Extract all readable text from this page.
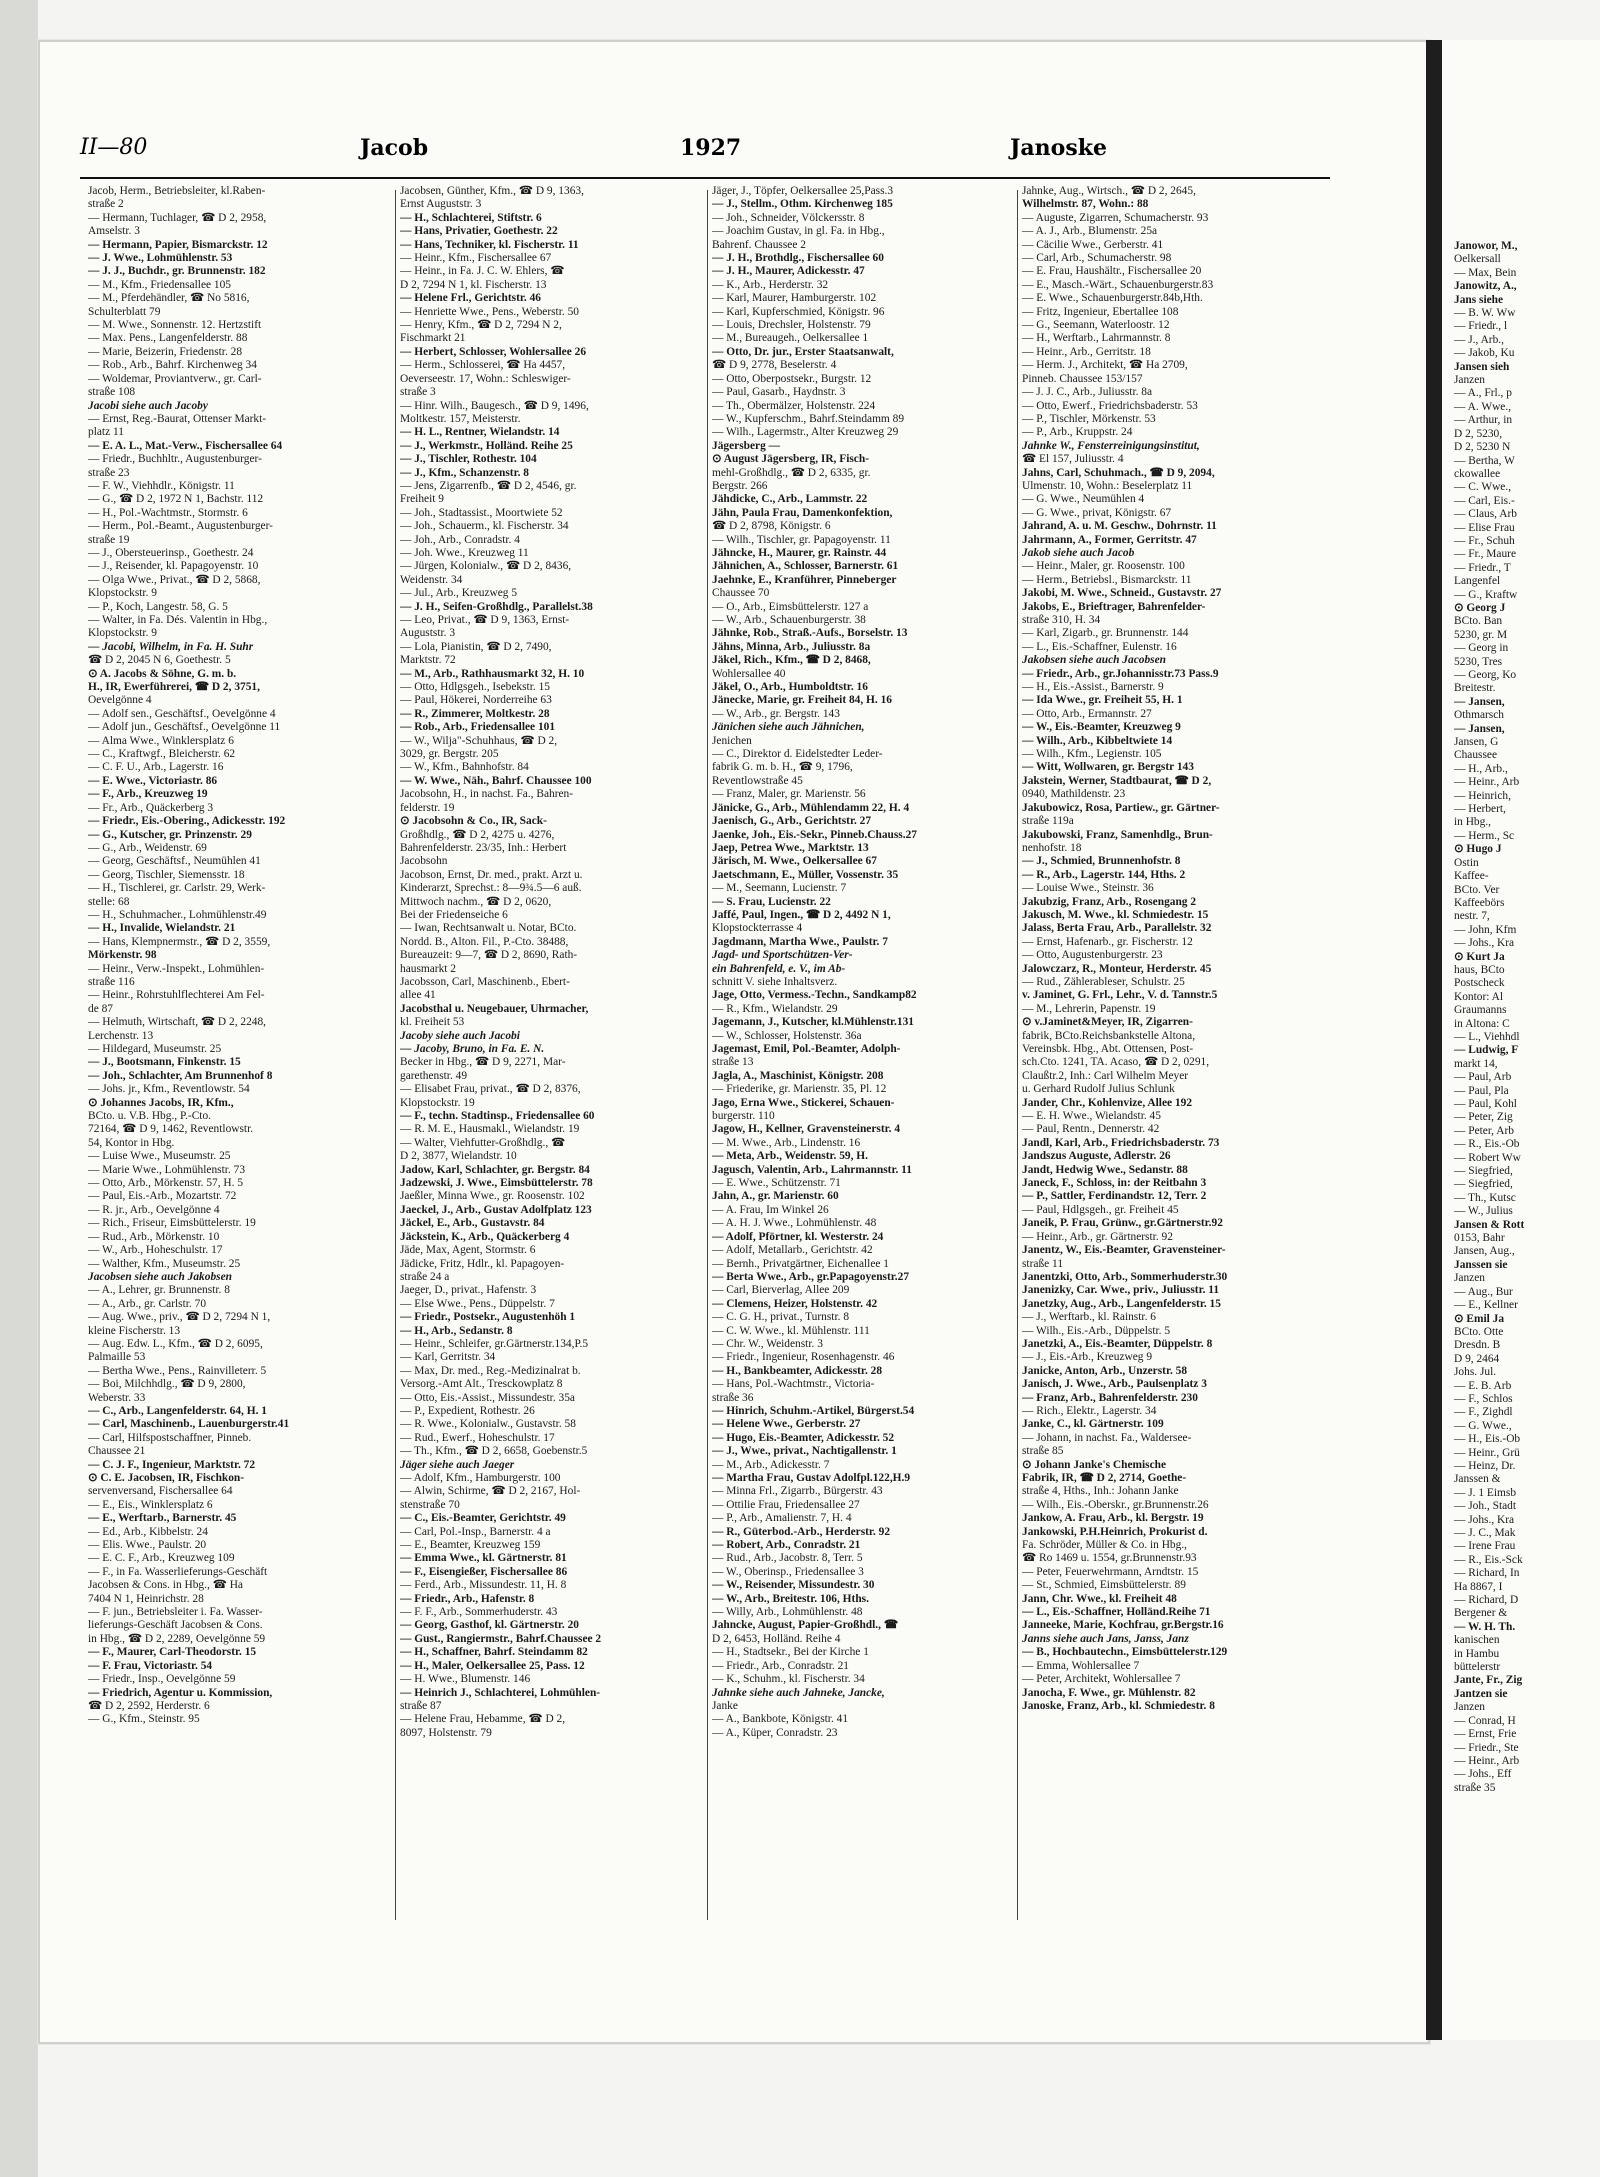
II—80	Jacob	1927	Janoske
Jacob, Herm., Betriebsleiter, kl.Raben-
straße 2
— Hermann, Tuchlager, ☎ D 2, 2958,
Amselstr. 3
— Hermann, Papier, Bismarckstr. 12
— J. Wwe., Lohmühlenstr. 53
— J. J., Buchdr., gr. Brunnenstr. 182
— M., Kfm., Friedensallee 105
— M., Pferdehändler, ☎ No 5816,
Schulterblatt 79
— M. Wwe., Sonnenstr. 12. Hertzstift
— Max. Pens., Langenfelderstr. 88
— Marie, Beizerin, Friedenstr. 28
— Rob., Arb., Bahrf. Kirchenweg 34
— Woldemar, Proviantverw., gr. Carl-
straße 108
Jacobi siehe auch Jacoby
— Ernst, Reg.-Baurat, Ottenser Markt-
platz 11
— E. A. L., Mat.-Verw., Fischersallee 64
— Friedr., Buchhltr., Augustenburger-
straße 23
— F. W., Viehhdlr., Königstr. 11
— G., ☎ D 2, 1972 N 1, Bachstr. 112
— H., Pol.-Wachtmstr., Stormstr. 6
— Herm., Pol.-Beamt., Augustenburger-
straße 19
— J., Obersteuerinsp., Goethestr. 24
— J., Reisender, kl. Papagoyenstr. 10
— Olga Wwe., Privat., ☎ D 2, 5868,
Klopstockstr. 9
— P., Koch, Langestr. 58, G. 5
— Walter, in Fa. Dés. Valentin in Hbg.,
Klopstockstr. 9
— Jacobi, Wilhelm, in Fa. H. Suhr
☎ D 2, 2045 N 6, Goethestr. 5
⊙ A. Jacobs & Söhne, G. m. b.
H., IR, Ewerführerei, ☎ D 2, 3751,
Oevelgönne 4
— Adolf sen., Geschäftsf., Oevelgönne 4
— Adolf jun., Geschäftsf., Oevelgönne 11
— Alma Wwe., Winklersplatz 6
— C., Kraftwgf., Bleicherstr. 62
— C. F. U., Arb., Lagerstr. 16
— E. Wwe., Victoriastr. 86
— F., Arb., Kreuzweg 19
— Fr., Arb., Quäckerberg 3
— Friedr., Eis.-Obering., Adickesstr. 192
— G., Kutscher, gr. Prinzenstr. 29
— G., Arb., Weidenstr. 69
— Georg, Geschäftsf., Neumühlen 41
— Georg, Tischler, Siemensstr. 18
— H., Tischlerei, gr. Carlstr. 29, Werk-
stelle: 68
— H., Schuhmacher., Lohmühlenstr.49
— H., Invalide, Wielandstr. 21
— Hans, Klempnermstr., ☎ D 2, 3559,
Mörkenstr. 98
— Heinr., Verw.-Inspekt., Lohmühlen-
straße 116
— Heinr., Rohrstuhlflechterei Am Fel-
de 87
— Helmuth, Wirtschaft, ☎ D 2, 2248,
Lerchenstr. 13
— Hildegard, Museumstr. 25
— J., Bootsmann, Finkenstr. 15
— Joh., Schlachter, Am Brunnenhof 8
— Johs. jr., Kfm., Reventlowstr. 54
⊙ Johannes Jacobs, IR, Kfm.,
BCto. u. V.B. Hbg., P.-Cto.
72164, ☎ D 9, 1462, Reventlowstr.
54, Kontor in Hbg.
— Luise Wwe., Museumstr. 25
— Marie Wwe., Lohmühlenstr. 73
— Otto, Arb., Mörkenstr. 57, H. 5
— Paul, Eis.-Arb., Mozartstr. 72
— R. jr., Arb., Oevelgönne 4
— Rich., Friseur, Eimsbüttelerstr. 19
— Rud., Arb., Mörkenstr. 10
— W., Arb., Hoheschulstr. 17
— Walther, Kfm., Museumstr. 25
Jacobsen siehe auch Jakobsen
— A., Lehrer, gr. Brunnenstr. 8
— A., Arb., gr. Carlstr. 70
— Aug. Wwe., priv., ☎ D 2, 7294 N 1,
kleine Fischerstr. 13
— Aug. Edw. L., Kfm., ☎ D 2, 6095,
Palmaille 53
— Bertha Wwe., Pens., Rainvilleterr. 5
— Boi, Milchhdlg., ☎ D 9, 2800,
Weberstr. 33
— C., Arb., Langenfelderstr. 64, H. 1
— Carl, Maschinenb., Lauenburgerstr.41
— Carl, Hilfspostschaffner, Pinneb.
Chaussee 21
— C. J. F., Ingenieur, Marktstr. 72
⊙ C. E. Jacobsen, IR, Fischkon-
servenversand, Fischersallee 64
— E., Eis., Winklersplatz 6
— E., Werftarb., Barnerstr. 45
— Ed., Arb., Kibbelstr. 24
— Elis. Wwe., Paulstr. 20
— E. C. F., Arb., Kreuzweg 109
— F., in Fa. Wasserlieferungs-Geschäft
Jacobsen & Cons. in Hbg., ☎ Ha
7404 N 1, Heinrichstr. 28
— F. jun., Betriebsleiter i. Fa. Wasser-
lieferungs-Geschäft Jacobsen & Cons.
in Hbg., ☎ D 2, 2289, Oevelgönne 59
— F., Maurer, Carl-Theodorstr. 15
— F. Frau, Victoriastr. 54
— Friedr., Insp., Oevelgönne 59
— Friedrich, Agentur u. Kommission,
☎ D 2, 2592, Herderstr. 6
— G., Kfm., Steinstr. 95
Jacobsen, Günther, Kfm., ☎ D 9, 1363,
Ernst Auguststr. 3
— H., Schlachterei, Stiftstr. 6
— Hans, Privatier, Goethestr. 22
— Hans, Techniker, kl. Fischerstr. 11
— Heinr., Kfm., Fischersallee 67
— Heinr., in Fa. J. C. W. Ehlers, ☎
D 2, 7294 N 1, kl. Fischerstr. 13
— Helene Frl., Gerichtstr. 46
— Henriette Wwe., Pens., Weberstr. 50
— Henry, Kfm., ☎ D 2, 7294 N 2,
Fischmarkt 21
— Herbert, Schlosser, Wohlersallee 26
— Herm., Schlosserei, ☎ Ha 4457,
Oeverseestr. 17, Wohn.: Schleswiger-
straße 3
— Hinr. Wilh., Baugesch., ☎ D 9, 1496,
Moltkestr. 157, Meisterstr.
— H. L., Rentner, Wielandstr. 14
— J., Werkmstr., Holländ. Reihe 25
— J., Tischler, Rothestr. 104
— J., Kfm., Schanzenstr. 8
— Jens, Zigarrenfb., ☎ D 2, 4546, gr.
Freiheit 9
— Joh., Stadtassist., Moortwiete 52
— Joh., Schauerm., kl. Fischerstr. 34
— Joh., Arb., Conradstr. 4
— Joh. Wwe., Kreuzweg 11
— Jürgen, Kolonialw., ☎ D 2, 8436,
Weidenstr. 34
— Jul., Arb., Kreuzweg 5
— J. H., Seifen-Großhdlg., Parallelst.38
— Leo, Privat., ☎ D 9, 1363, Ernst-
Auguststr. 3
— Lola, Pianistin, ☎ D 2, 7490,
Marktstr. 72
— M., Arb., Rathhausmarkt 32, H. 10
— Otto, Hdlgsgeh., Isebekstr. 15
— Paul, Hökerei, Norderreihe 63
— R., Zimmerer, Moltkestr. 28
— Rob., Arb., Friedensallee 101
— W., Wilja"-Schuhhaus, ☎ D 2,
3029, gr. Bergstr. 205
— W., Kfm., Bahnhofstr. 84
— W. Wwe., Näh., Bahrf. Chaussee 100
Jacobsohn, H., in nachst. Fa., Bahren-
felderstr. 19
⊙ Jacobsohn & Co., IR, Sack-
Großhdlg., ☎ D 2, 4275 u. 4276,
Bahrenfelderstr. 23/35, Inh.: Herbert
Jacobsohn
Jacobson, Ernst, Dr. med., prakt. Arzt u.
Kinderarzt, Sprechst.: 8—9¾.5—6 auß.
Mittwoch nachm., ☎ D 2, 0620,
Bei der Friedenseiche 6
— Iwan, Rechtsanwalt u. Notar, BCto.
Nordd. B., Alton. Fil., P.-Cto. 38488,
Bureauzeit: 9—7, ☎ D 2, 8690, Rath-
hausmarkt 2
Jacobsson, Carl, Maschinenb., Ebert-
allee 41
Jacobsthal u. Neugebauer, Uhrmacher,
kl. Freiheit 53
Jacoby siehe auch Jacobi
— Jacoby, Bruno, in Fa. E. N.
Becker in Hbg., ☎ D 9, 2271, Mar-
garethenstr. 49
— Elisabet Frau, privat., ☎ D 2, 8376,
Klopstockstr. 19
— F., techn. Stadtinsp., Friedensallee 60
— R. M. E., Hausmakl., Wielandstr. 19
— Walter, Viehfutter-Großhdlg., ☎
D 2, 3877, Wielandstr. 10
Jadow, Karl, Schlachter, gr. Bergstr. 84
Jadzewski, J. Wwe., Eimsbüttelerstr. 78
Jaeßler, Minna Wwe., gr. Roosenstr. 102
Jaeckel, J., Arb., Gustav Adolfplatz 123
Jäckel, E., Arb., Gustavstr. 84
Jäckstein, K., Arb., Quäckerberg 4
Jäde, Max, Agent, Stormstr. 6
Jädicke, Fritz, Hdlr., kl. Papagoyen-
straße 24 a
Jaeger, D., privat., Hafenstr. 3
— Else Wwe., Pens., Düppelstr. 7
— Friedr., Postsekr., Augustenhöh 1
— H., Arb., Sedanstr. 8
— Heinr., Schleifer, gr.Gärtnerstr.134,P.5
— Karl, Gerritstr. 34
— Max, Dr. med., Reg.-Medizinalrat b.
Versorg.-Amt Alt., Tresckowplatz 8
— Otto, Eis.-Assist., Missundestr. 35a
— P., Expedient, Rothestr. 26
— R. Wwe., Kolonialw., Gustavstr. 58
— Rud., Ewerf., Hoheschulstr. 17
— Th., Kfm., ☎ D 2, 6658, Goebenstr.5
Jäger siehe auch Jaeger
— Adolf, Kfm., Hamburgerstr. 100
— Alwin, Schirme, ☎ D 2, 2167, Hol-
stenstraße 70
— C., Eis.-Beamter, Gerichtstr. 49
— Carl, Pol.-Insp., Barnerstr. 4 a
— E., Beamter, Kreuzweg 159
— Emma Wwe., kl. Gärtnerstr. 81
— F., Eisengießer, Fischersallee 86
— Ferd., Arb., Missundestr. 11, H. 8
— Friedr., Arb., Hafenstr. 8
— F. F., Arb., Sommerhuderstr. 43
— Georg, Gasthof, kl. Gärtnerstr. 20
— Gust., Rangiermstr., Bahrf.Chaussee 2
— H., Schaffner, Bahrf. Steindamm 82
— H., Maler, Oelkersallee 25, Pass. 12
— H. Wwe., Blumenstr. 146
— Heinrich J., Schlachterei, Lohmühlen-
straße 87
— Helene Frau, Hebamme, ☎ D 2,
8097, Holstenstr. 79
Jäger, J., Töpfer, Oelkersallee 25,Pass.3
— J., Stellm., Othm. Kirchenweg 185
— Joh., Schneider, Völckersstr. 8
— Joachim Gustav, in gl. Fa. in Hbg.,
Bahrenf. Chaussee 2
— J. H., Brothdlg., Fischersallee 60
— J. H., Maurer, Adickesstr. 47
— K., Arb., Herderstr. 32
— Karl, Maurer, Hamburgerstr. 102
— Karl, Kupferschmied, Königstr. 96
— Louis, Drechsler, Holstenstr. 79
— M., Bureaugeh., Oelkersallee 1
— Otto, Dr. jur., Erster Staatsanwalt,
☎ D 9, 2778, Beselerstr. 4
— Otto, Oberpostsekr., Burgstr. 12
— Paul, Gasarb., Haydnstr. 3
— Th., Obermälzer, Holstenstr. 224
— W., Kupferschm., Bahrf.Steindamm 89
— Wilh., Lagermstr., Alter Kreuzweg 29
Jägersberg —
⊙ August Jägersberg, IR, Fisch-
mehl-Großhdlg., ☎ D 2, 6335, gr.
Bergstr. 266
Jähdicke, C., Arb., Lammstr. 22
Jähn, Paula Frau, Damenkonfektion,
☎ D 2, 8798, Königstr. 6
— Wilh., Tischler, gr. Papagoyenstr. 11
Jähncke, H., Maurer, gr. Rainstr. 44
Jähnichen, A., Schlosser, Barnerstr. 61
Jaehnke, E., Kranführer, Pinneberger
Chaussee 70
— O., Arb., Eimsbüttelerstr. 127 a
— W., Arb., Schauenburgerstr. 38
Jähnke, Rob., Straß.-Aufs., Borselstr. 13
Jähns, Minna, Arb., Juliusstr. 8a
Jäkel, Rich., Kfm., ☎ D 2, 8468,
Wohlersallee 40
Jäkel, O., Arb., Humboldtstr. 16
Jänecke, Marie, gr. Freiheit 84, H. 16
— W., Arb., gr. Bergstr. 143
Jänichen siehe auch Jähnichen,
Jenichen
— C., Direktor d. Eidelstedter Leder-
fabrik G. m. b. H., ☎ 9, 1796,
Reventlowstraße 45
— Franz, Maler, gr. Marienstr. 56
Jänicke, G., Arb., Mühlendamm 22, H. 4
Jaenisch, G., Arb., Gerichtstr. 27
Jaenke, Joh., Eis.-Sekr., Pinneb.Chauss.27
Jaep, Petrea Wwe., Marktstr. 13
Järisch, M. Wwe., Oelkersallee 67
Jaetschmann, E., Müller, Vossenstr. 35
— M., Seemann, Lucienstr. 7
— S. Frau, Lucienstr. 22
Jaffé, Paul, Ingen., ☎ D 2, 4492 N 1,
Klopstockterrasse 4
Jagdmann, Martha Wwe., Paulstr. 7
Jagd- und Sportschützen-Ver-
ein Bahrenfeld, e. V., im Ab-
schnitt V. siehe Inhaltsverz.
Jage, Otto, Vermess.-Techn., Sandkamp82
— R., Kfm., Wielandstr. 29
Jagemann, J., Kutscher, kl.Mühlenstr.131
— W., Schlosser, Holstenstr. 36a
Jagemast, Emil, Pol.-Beamter, Adolph-
straße 13
Jagla, A., Maschinist, Königstr. 208
— Friederike, gr. Marienstr. 35, Pl. 12
Jago, Erna Wwe., Stickerei, Schauen-
burgerstr. 110
Jagow, H., Kellner, Gravensteinerstr. 4
— M. Wwe., Arb., Lindenstr. 16
— Meta, Arb., Weidenstr. 59, H.
Jagusch, Valentin, Arb., Lahrmannstr. 11
— E. Wwe., Schützenstr. 71
Jahn, A., gr. Marienstr. 60
— A. Frau, Im Winkel 26
— A. H. J. Wwe., Lohmühlenstr. 48
— Adolf, Pförtner, kl. Westerstr. 24
— Adolf, Metallarb., Gerichtstr. 42
— Bernh., Privatgärtner, Eichenallee 1
— Berta Wwe., Arb., gr.Papagoyenstr.27
— Carl, Bierverlag, Allee 209
— Clemens, Heizer, Holstenstr. 42
— C. G. H., privat., Turnstr. 8
— C. W. Wwe., kl. Mühlenstr. 111
— Chr. W., Weidenstr. 3
— Friedr., Ingenieur, Rosenhagenstr. 46
— H., Bankbeamter, Adickesstr. 28
— Hans, Pol.-Wachtmstr., Victoria-
straße 36
— Hinrich, Schuhm.-Artikel, Bürgerst.54
— Helene Wwe., Gerberstr. 27
— Hugo, Eis.-Beamter, Adickesstr. 52
— J., Wwe., privat., Nachtigallenstr. 1
— M., Arb., Adickesstr. 7
— Martha Frau, Gustav Adolfpl.122,H.9
— Minna Frl., Zigarrb., Bürgerstr. 43
— Ottilie Frau, Friedensallee 27
— P., Arb., Amalienstr. 7, H. 4
— R., Güterbod.-Arb., Herderstr. 92
— Robert, Arb., Conradstr. 21
— Rud., Arb., Jacobstr. 8, Terr. 5
— W., Oberinsp., Friedensallee 3
— W., Reisender, Missundestr. 30
— W., Arb., Breitestr. 106, Hths.
— Willy, Arb., Lohmühlenstr. 48
Jahncke, August, Papier-Großhdl., ☎
D 2, 6453, Holländ. Reihe 4
— H., Stadtsekr., Bei der Kirche 1
— Friedr., Arb., Conradstr. 21
— K., Schuhm., kl. Fischerstr. 34
Jahnke siehe auch Jahneke, Jancke,
Janke
— A., Bankbote, Königstr. 41
— A., Küper, Conradstr. 23
Jahnke, Aug., Wirtsch., ☎ D 2, 2645,
Wilhelmstr. 87, Wohn.: 88
— Auguste, Zigarren, Schumacherstr. 93
— A. J., Arb., Blumenstr. 25a
— Cäcilie Wwe., Gerberstr. 41
— Carl, Arb., Schumacherstr. 98
— E. Frau, Haushältr., Fischersallee 20
— E., Masch.-Wärt., Schauenburgerstr.83
— E. Wwe., Schauenburgerstr.84b,Hth.
— Fritz, Ingenieur, Ebertallee 108
— G., Seemann, Waterloostr. 12
— H., Werftarb., Lahrmannstr. 8
— Heinr., Arb., Gerritstr. 18
— Herm. J., Architekt, ☎ Ha 2709,
Pinneb. Chaussee 153/157
— J. J. C., Arb., Juliusstr. 8a
— Otto, Ewerf., Friedrichsbaderstr. 53
— P., Tischler, Mörkenstr. 53
— P., Arb., Kruppstr. 24
Jahnke W., Fensterreinigungsinstitut,
☎ El 157, Juliusstr. 4
Jahns, Carl, Schuhmach., ☎ D 9, 2094,
Ulmenstr. 10, Wohn.: Beselerplatz 11
— G. Wwe., Neumühlen 4
— G. Wwe., privat, Königstr. 67
Jahrand, A. u. M. Geschw., Dohrnstr. 11
Jahrmann, A., Former, Gerritstr. 47
Jakob siehe auch Jacob
— Heinr., Maler, gr. Roosenstr. 100
— Herm., Betriebsl., Bismarckstr. 11
Jakobi, M. Wwe., Schneid., Gustavstr. 27
Jakobs, E., Brieftrager, Bahrenfelder-
straße 310, H. 34
— Karl, Zigarb., gr. Brunnenstr. 144
— L., Eis.-Schaffner, Eulenstr. 16
Jakobsen siehe auch Jacobsen
— Friedr., Arb., gr.Johannisstr.73 Pass.9
— H., Eis.-Assist., Barnerstr. 9
— Ida Wwe., gr. Freiheit 55, H. 1
— Otto, Arb., Ermannstr. 27
— W., Eis.-Beamter, Kreuzweg 9
— Wilh., Arb., Kibbeltwiete 14
— Wilh., Kfm., Legienstr. 105
— Witt, Wollwaren, gr. Bergstr 143
Jakstein, Werner, Stadtbaurat, ☎ D 2,
0940, Mathildenstr. 23
Jakubowicz, Rosa, Partiew., gr. Gärtner-
straße 119a
Jakubowski, Franz, Samenhdlg., Brun-
nenhofstr. 18
— J., Schmied, Brunnenhofstr. 8
— R., Arb., Lagerstr. 144, Hths. 2
— Louise Wwe., Steinstr. 36
Jakubzig, Franz, Arb., Rosengang 2
Jakusch, M. Wwe., kl. Schmiedestr. 15
Jalass, Berta Frau, Arb., Parallelstr. 32
— Ernst, Hafenarb., gr. Fischerstr. 12
— Otto, Augustenburgerstr. 23
Jalowczarz, R., Monteur, Herderstr. 45
— Rud., Zählerableser, Schulstr. 25
v. Jaminet, G. Frl., Lehr., V. d. Tannstr.5
— M., Lehrerin, Papenstr. 19
⊙ v.Jaminet&Meyer, IR, Zigarren-
fabrik, BCto.Reichsbankstelle Altona,
Vereinsbk. Hbg., Abt. Ottensen, Post-
sch.Cto. 1241, TA. Acaso, ☎ D 2, 0291,
Claußtr.2, Inh.: Carl Wilhelm Meyer
u. Gerhard Rudolf Julius Schlunk
Jander, Chr., Kohlenvize, Allee 192
— E. H. Wwe., Wielandstr. 45
— Paul, Rentn., Dennerstr. 42
Jandl, Karl, Arb., Friedrichsbaderstr. 73
Jandszus Auguste, Adlerstr. 26
Jandt, Hedwig Wwe., Sedanstr. 88
Janeck, F., Schloss, in: der Reitbahn 3
— P., Sattler, Ferdinandstr. 12, Terr. 2
— Paul, Hdlgsgeh., gr. Freiheit 45
Janeik, P. Frau, Grünw., gr.Gärtnerstr.92
— Heinr., Arb., gr. Gärtnerstr. 92
Janentz, W., Eis.-Beamter, Gravensteiner-
straße 11
Janentzki, Otto, Arb., Sommerhuderstr.30
Janenizky, Car. Wwe., priv., Juliusstr. 11
Janetzky, Aug., Arb., Langenfelderstr. 15
— J., Werftarb., kl. Rainstr. 6
— Wilh., Eis.-Arb., Düppelstr. 5
Janetzki, A., Eis.-Beamter, Düppelstr. 8
— J., Eis.-Arb., Kreuzweg 9
Janicke, Anton, Arb., Unzerstr. 58
Janisch, J. Wwe., Arb., Paulsenplatz 3
— Franz, Arb., Bahrenfelderstr. 230
— Rich., Elektr., Lagerstr. 34
Janke, C., kl. Gärtnerstr. 109
— Johann, in nachst. Fa., Waldersee-
straße 85
⊙ Johann Janke's Chemische
Fabrik, IR, ☎ D 2, 2714, Goethe-
straße 4, Hths., Inh.: Johann Janke
— Wilh., Eis.-Oberskr., gr.Brunnenstr.26
Jankow, A. Frau, Arb., kl. Bergstr. 19
Jankowski, P.H.Heinrich, Prokurist d.
Fa. Schröder, Müller & Co. in Hbg.,
☎ Ro 1469 u. 1554, gr.Brunnenstr.93
— Peter, Feuerwehrmann, Arndtstr. 15
— St., Schmied, Eimsbüttelerstr. 89
Jann, Chr. Wwe., kl. Freiheit 48
— L., Eis.-Schaffner, Holländ.Reihe 71
Janneeke, Marie, Kochfrau, gr.Bergstr.16
Janns siehe auch Jans, Janss, Janz
— B., Hochbautechn., Eimsbüttelerstr.129
— Emma, Wohlersallee 7
— Peter, Architekt, Wohlersallee 7
Janocha, F. Wwe., gr. Mühlenstr. 82
Janoske, Franz, Arb., kl. Schmiedestr. 8
Janowor, M.,
Oelkersall
— Max, Bein
Janowitz, A.,
Jans siehe
— B. W. Ww
— Friedr., l
— J., Arb.,
— Jakob, Ku
Jansen sieh
Janzen
— A., Frl., p
— A. Wwe.,
— Arthur, in
D 2, 5230,
D 2, 5230 N
— Bertha, W
ckowallee
— C. Wwe.,
— Carl, Eis.-
— Claus, Arb
— Elise Frau
— Fr., Schuh
— Fr., Maure
— Friedr., T
Langenfel
— G., Kraftw
⊙ Georg J
BCto. Ban
5230, gr. M
— Georg in
5230, Tres
— Georg, Ko
Breitestr.
— Jansen,
Othmarsch
— Jansen,
Jansen, G
Chaussee
— H., Arb.,
— Heinr., Arb
— Heinrich,
— Herbert,
in Hbg.,
— Herm., Sc
⊙ Hugo J
Ostin
Kaffee-
BCto. Ver
Kaffeebörs
nestr. 7,
— John, Kfm
— Johs., Kra
⊙ Kurt Ja
haus, BCto
Postscheck
Kontor: Al
Graumanns
in Altona: C
— L., Viehhdl
— Ludwig, F
markt 14,
— Paul, Arb
— Paul, Pla
— Paul, Kohl
— Peter, Zig
— Peter, Arb
— R., Eis.-Ob
— Robert Ww
— Siegfried,
— Siegfried,
— Th., Kutsc
— W., Julius
Jansen & Rott
0153, Bahr
Jansen, Aug.,
Janssen sie
Janzen
— Aug., Bur
— E., Kellner
⊙ Emil Ja
BCto. Otte
Dresdn. B
D 9, 2464
Johs. Jul.
— E. B. Arb
— F., Schlos
— F., Zighdl
— G. Wwe.,
— H., Eis.-Ob
— Heinr., Grü
— Heinz, Dr.
Janssen &
— J. 1 Eimsb
— Joh., Stadt
— Johs., Kra
— J. C., Mak
— Irene Frau
— R., Eis.-Sck
— Richard, In
Ha 8867, I
— Richard, D
Bergener &
— W. H. Th.
kanischen
in Hambu
büttelerstr
Jante, Fr., Zig
Jantzen sie
Janzen
— Conrad, H
— Ernst, Frie
— Friedr., Ste
— Heinr., Arb
— Johs., Eff
straße 35
